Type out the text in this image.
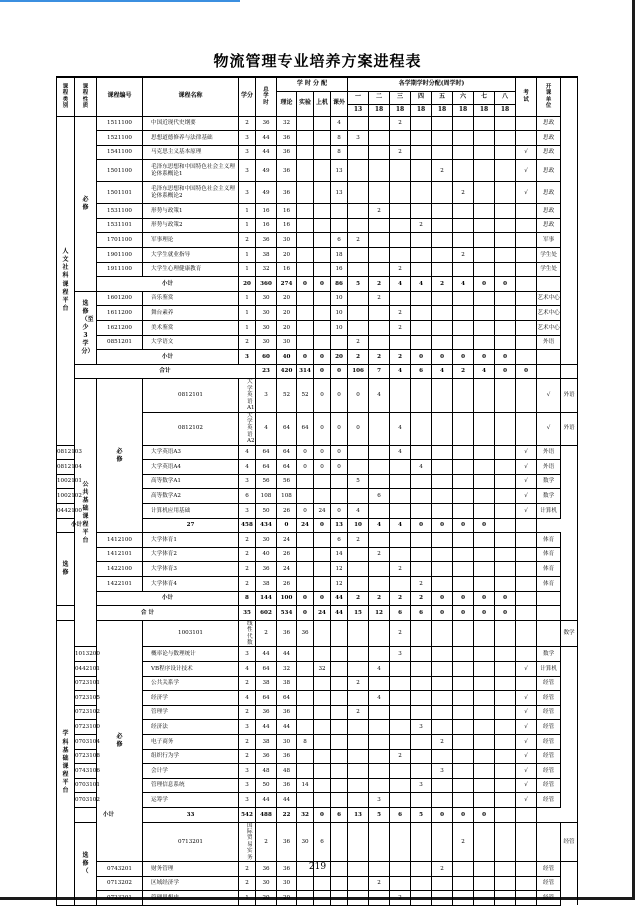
物流管理专业培养方案进程表
课程类别	课程性质	课程编号	课程名称	学分	总学时	学 时 分 配				各学期学时分配(周学时)								考试	开课单位	
						理论	实验	上机	课外	一	二	三	四	五	六	七	八			
										13	18	18	18	18	18	18	18			
人文社科课程平台	必修	1511100	中国近现代史纲要	2	36	32			4			2							思政	
		1521100	思想道德修养与法律基础	3	44	36			8	3									思政	
		1541100	马克思主义基本原理	3	44	36			8			2						√	思政	
		1501100	毛泽东思想和中国特色社会主义理论体系概论1	3	49	36			13					2				√	思政	
		1501101	毛泽东思想和中国特色社会主义理论体系概论2	3	49	36			13						2			√	思政	
		1531100	形势与政策1	1	16	16					2								思政	
		1531101	形势与政策2	1	16	16							2						思政	
		1701100	军事理论	2	36	30			6	2									军事	
		1901100	大学生就业指导	1	38	20			18						2				学生处	
		1911100	大学生心理健康教育	1	32	16			16			2							学生处	
		小计		20	360	274	0	0	86	5	2	4	4	2	4	0	0			
	选修（至少3学分）	1601200	音乐鉴赏	1	30	20			10		2								艺术中心	
		1611200	舞台素养	1	30	20			10			2							艺术中心	
		1621200	美术鉴赏	1	30	20			10			2							艺术中心	
		0851201	大学语文	2	30	30				2									外语	
		小计		3	60	40	0	0	20	2	2	2	0	0	0	0	0			
	合计				23	420	314	0	0	106	7	4	6	4	2	4	0	0		
	公共基础课程平台	必修	0812101	大学英语A1	3	52	52	0	0	0	4								√	外语
			0812102	大学英语A2	4	64	64	0	0	0		4							√	外语
0812103			大学英语A3	4	64	64	0	0	0			4						√	外语	
0812104			大学英语A4	4	64	64	0	0	0				4					√	外语	
1002101			高等数学A1	3	56	56				5								√	数学	
1002102			高等数学A2	6	108	108					6							√	数学	
0442100			计算机应用基础	3	50	26	0	24	0	4								√	计算机	
小计			27	458	434	0	24	0	13	10	4	4	0	0	0	0				
选修		1412100	大学体育1	2	30	24			6	2									体育	
		1412101	大学体育2	2	40	26			14		2								体育	
		1422100	大学体育3	2	36	24			12			2							体育	
		1422101	大学体育4	2	38	26			12				2						体育	
		小计		8	144	100	0	0	44	2	2	2	2	0	0	0	0			
合 计				35	602	534	0	24	44	15	12	6	6	0	0	0	0			
学科基础课程平台		必修	1003101	线性代数	2	36	36					2								数学
	1013200		概率论与数理统计	3	44	44						3							数学	
	0442101		VB程序设计技术	4	64	32		32			4							√	计算机	
	0723101		公共关系学	2	38	38				2									经管	
	0723105		经济学	4	64	64					4							√	经管	
	0723102		管理学	2	36	36				2								√	经管	
	0723100		经济法	3	44	44							3					√	经管	
	0703104		电子商务	2	38	30	8							2				√	经管	
	0723108		组织行为学	2	36	36						2						√	经管	
	0743106		会计学	3	48	48								3				√	经管	
	0703101		管理信息系统	3	50	36	14						3					√	经管	
	0703102		运筹学	3	44	44					3							√	经管	
	小计		33	542	488	22	32	0	6	13	5	6	5	0	0	0				
	选修（		0713201	国际贸易实务	2	36	30	6							2					经管
		0743201	财务管理	2	36	36								2					经管	
		0713202	区域经济学	2	30	30					2								经管	
		0723201	管理思想史	1	20	20						2							经管	
219
